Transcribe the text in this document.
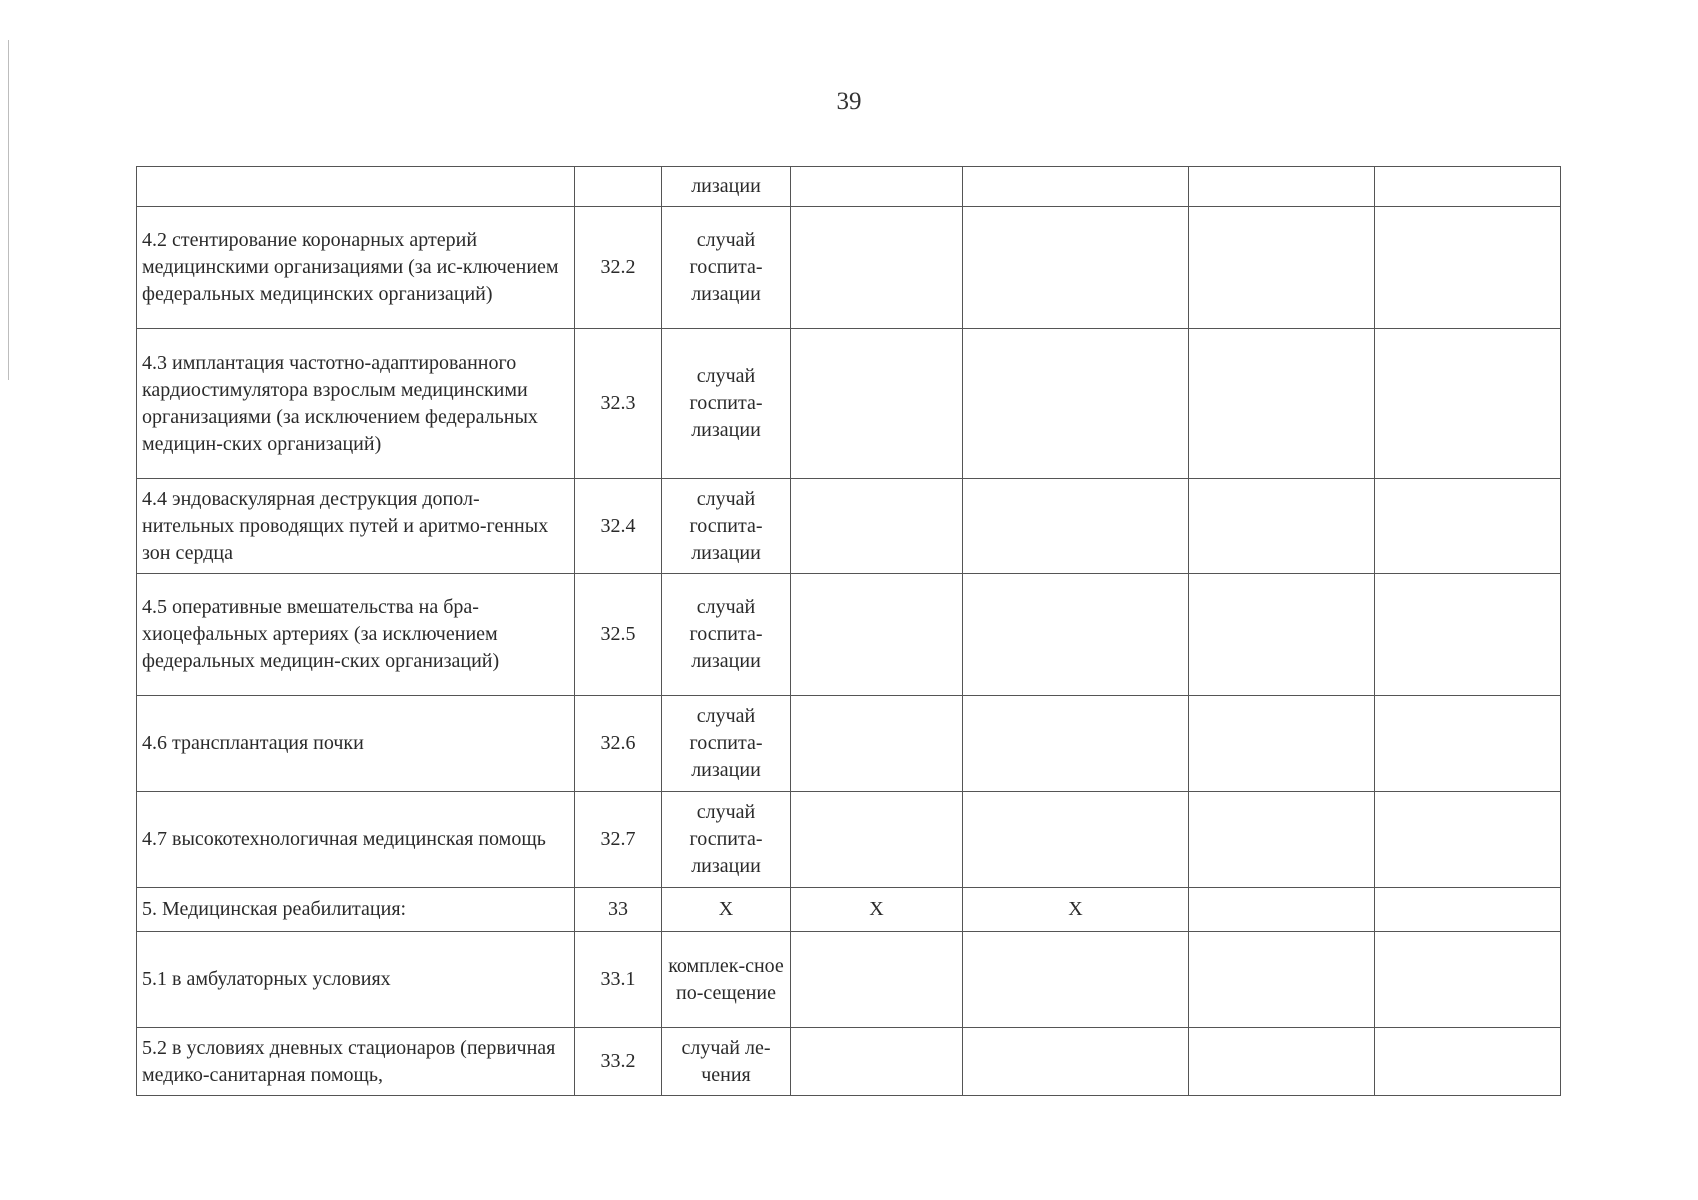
39
		лизации				
4.2 стентирование коронарных артерий медицинскими организациями (за ис-ключением федеральных медицинских организаций)	32.2	случай госпита-лизации				
4.3 имплантация частотно-адаптированного кардиостимулятора взрослым медицинскими организациями (за исключением федеральных медицин-ских организаций)	32.3	случай госпита-лизации				
4.4 эндоваскулярная деструкция допол-нительных проводящих путей и аритмо-генных зон сердца	32.4	случай госпита-лизации				
4.5 оперативные вмешательства на бра-хиоцефальных артериях (за исключением федеральных медицин-ских организаций)	32.5	случай госпита-лизации				
4.6 трансплантация почки	32.6	случай госпита-лизации				
4.7 высокотехнологичная медицинская помощь	32.7	случай госпита-лизации				
5. Медицинская реабилитация:	33	X	X	X		
5.1 в амбулаторных условиях	33.1	комплек-сное по-сещение				
5.2 в условиях дневных стационаров (первичная медико-санитарная помощь,	33.2	случай ле-чения				
